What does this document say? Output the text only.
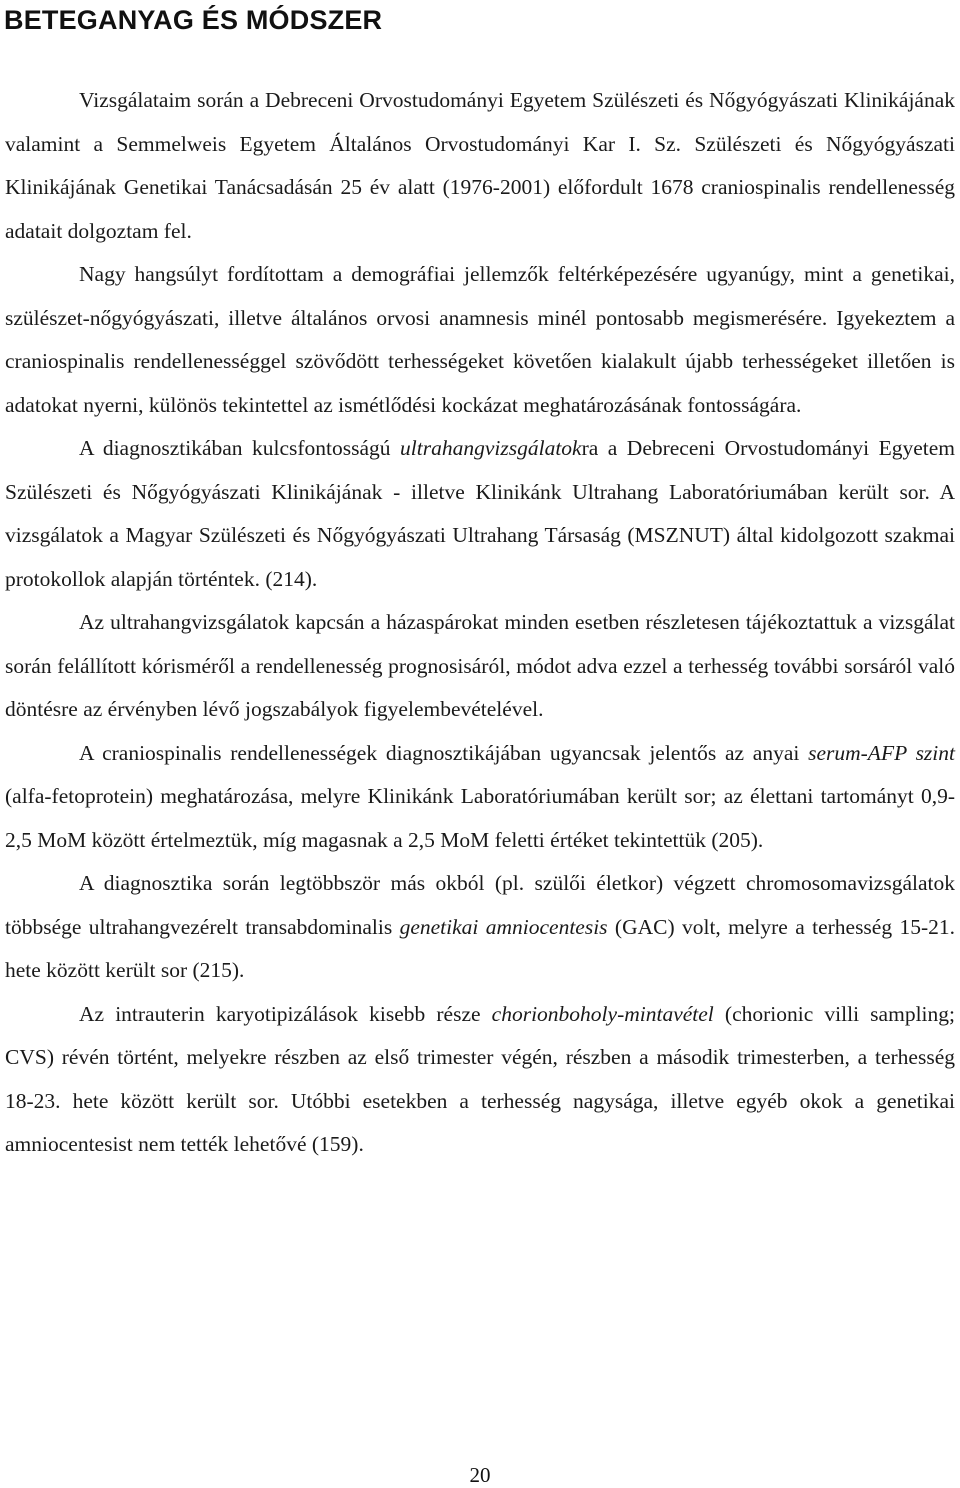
BETEGANYAG ÉS MÓDSZER

Vizsgálataim során a Debreceni Orvostudományi Egyetem Szülészeti és Nőgyógyászati Klinikájának valamint a Semmelweis Egyetem Általános Orvostudományi Kar I. Sz. Szülészeti és Nőgyógyászati Klinikájának Genetikai Tanácsadásán 25 év alatt (1976-2001) előfordult 1678 craniospinalis rendellenesség adatait dolgoztam fel.

Nagy hangsúlyt fordítottam a demográfiai jellemzők feltérképezésére ugyanúgy, mint a genetikai, szülészet-nőgyógyászati, illetve általános orvosi anamnesis minél pontosabb megismerésére. Igyekeztem a craniospinalis rendellenességgel szövődött terhességeket követően kialakult újabb terhességeket illetően is adatokat nyerni, különös tekintettel az ismétlődési kockázat meghatározásának fontosságára.

A diagnosztikában kulcsfontosságú ultrahangvizsgálatokra a Debreceni Orvostudományi Egyetem Szülészeti és Nőgyógyászati Klinikájának - illetve Klinikánk Ultrahang Laboratóriumában került sor. A vizsgálatok a Magyar Szülészeti és Nőgyógyászati Ultrahang Társaság (MSZNUT) által kidolgozott szakmai protokollok alapján történtek. (214).

Az ultrahangvizsgálatok kapcsán a házaspárokat minden esetben részletesen tájékoztattuk a vizsgálat során felállított kórisméről a rendellenesség prognosisáról, módot adva ezzel a terhesség további sorsáról való döntésre az érvényben lévő jogszabályok figyelembevételével.

A craniospinalis rendellenességek diagnosztikájában ugyancsak jelentős az anyai serum-AFP szint (alfa-fetoprotein) meghatározása, melyre Klinikánk Laboratóriumában került sor; az élettani tartományt 0,9-2,5 MoM között értelmeztük, míg magasnak a 2,5 MoM feletti értéket tekintettük (205).

A diagnosztika során legtöbbször más okból (pl. szülői életkor) végzett chromosomavizsgálatok többsége ultrahangvezérelt transabdominalis genetikai amniocentesis (GAC) volt, melyre a terhesség 15-21. hete között került sor (215).

Az intrauterin karyotipizálások kisebb része chorionboholy-mintavétel (chorionic villi sampling; CVS) révén történt, melyekre részben az első trimester végén, részben a második trimesterben, a terhesség 18-23. hete között került sor. Utóbbi esetekben a terhesség nagysága, illetve egyéb okok a genetikai amniocentesist nem tették lehetővé (159).

20
